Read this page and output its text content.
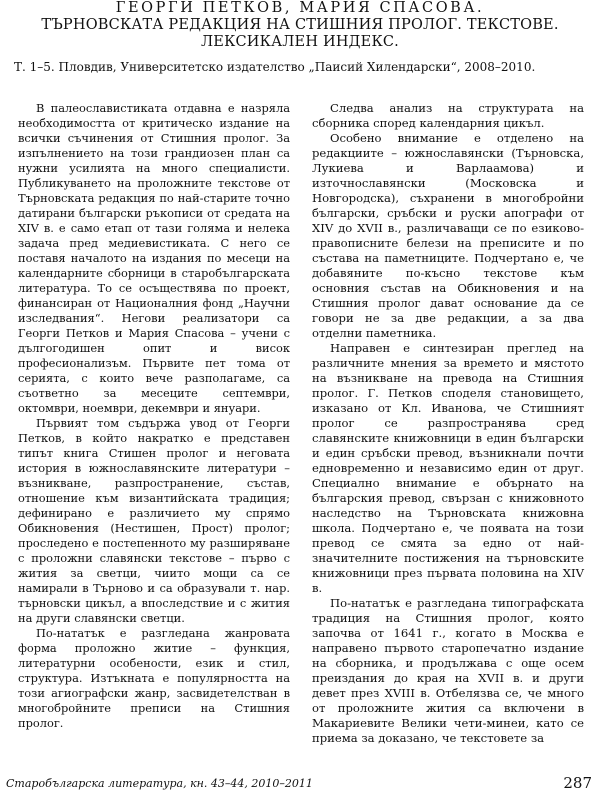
ГЕОРГИ ПЕТКОВ, МАРИЯ СПАСОВА.
ТЪРНОВСКАТА РЕДАКЦИЯ НА СТИШНИЯ ПРОЛОГ. ТЕКСТОВЕ.
ЛЕКСИКАЛЕН ИНДЕКС.
Т. 1–5. Пловдив, Университетско издателство „Паисий Хилендарски“, 2008–2010.

В палеославистиката отдавна е назряла необходимостта от критическо издание на всички съчинения от Стишния пролог. За изпълнението на този грандиозен план са нужни усилията на много специалисти. Публикуването на проложните текстове от Търновската редакция по най-старите точно датирани български ръкописи от средата на XIV в. е само етап от тази голяма и нелека задача пред медиевистиката. С него се поставя началото на издания по месеци на календарните сборници в старобългарската литература. То се осъществява по проект, финансиран от Националния фонд „Научни изследвания“. Негови реализатори са Георги Петков и Мария Спасова – учени с дългогодишен опит и висок професионализъм. Първите пет тома от серията, с които вече разполагаме, са съответно за месеците септември, октомври, ноември, декември и януари.

Първият том съдържа увод от Георги Петков, в който накратко е представен типът книга Стишен пролог и неговата история в южнославянските литератури – възникване, разпространение, състав, отношение към византийската традиция; дефинирано е различието му спрямо Обикновения (Нестишен, Прост) пролог; проследено е постепенното му разширяване с проложни славянски текстове – първо с жития за светци, чиито мощи са се намирали в Търново и са образували т. нар. търновски цикъл, а впоследствие и с жития на други славянски светци.

По-нататък е разгледана жанровата форма проложно житие – функция, литературни особености, език и стил, структура. Изтъкната е популярността на този агиографски жанр, засвидетелстван в многобройните преписи на Стишния пролог.

Следва анализ на структурата на сборника според календарния цикъл.

Особено внимание е отделено на редакциите – южнославянски (Търновска, Лукиева и Варлаамова) и източнославянски (Московска и Новгородска), съхранени в многобройни български, сръбски и руски апографи от XIV до XVII в., различаващи се по езиково-правописните белези на преписите и по състава на паметниците. Подчертано е, че добавяните по-късно текстове към основния състав на Обикновения и на Стишния пролог дават основание да се говори не за две редакции, а за два отделни паметника.

Направен е синтезиран преглед на различните мнения за времето и мястото на възникване на превода на Стишния пролог. Г. Петков споделя становището, изказано от Кл. Иванова, че Стишният пролог се разпространява сред славянските книжовници в един български и един сръбски превод, възникнали почти едновременно и независимо един от друг. Специално внимание е обърнато на българския превод, свързан с книжовното наследство на Търновската книжовна школа. Подчертано е, че появата на този превод се смята за едно от най-значителните постижения на търновските книжовници през първата половина на XIV в.

По-нататък е разгледана типографската традиция на Стишния пролог, която започва от 1641 г., когато в Москва е направено първото старопечатно издание на сборника, и продължава с още осем преиздания до края на XVII в. и други девет през XVIII в. Отбелязва се, че много от проложните жития са включени в Макариевите Велики чети-минеи, като се приема за доказано, че текстовете за

Старобългарска литература, кн. 43–44, 2010–2011	287
